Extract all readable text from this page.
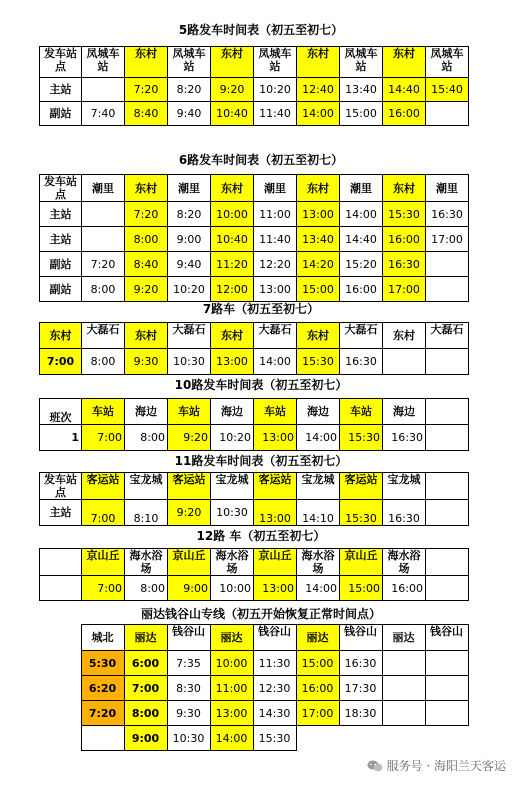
5路发车时间表（初五至初七）
发车站点	凤城车站	东村	凤城车站	东村	凤城车站	东村	凤城车站	东村	凤城车站
主站		7:20	8:20	9:20	10:20	12:40	13:40	14:40	15:40
副站	7:40	8:40	9:40	10:40	11:40	14:00	15:00	16:00	
6路发车时间表（初五至初七）
发车站点	潮里	东村	潮里	东村	潮里	东村	潮里	东村	潮里
主站		7:20	8:20	10:00	11:00	13:00	14:00	15:30	16:30
主站		8:00	9:00	10:40	11:40	13:40	14:40	16:00	17:00
副站	7:20	8:40	9:40	11:20	12:20	14:20	15:20	16:30	
副站	8:00	9:20	10:20	12:00	13:00	15:00	16:00	17:00	
7路车（初五至初七）
东村	大磊石	东村	大磊石	东村	大磊石	东村	大磊石	东村	大磊石
7:00	8:00	9:30	10:30	13:00	14:00	15:30	16:30		
10路发车时间表（初五至初七）
班次	车站	海边	车站	海边	车站	海边	车站	海边	
1	7:00	8:00	9:20	10:20	13:00	14:00	15:30	16:30	
11路发车时间表（初五至初七）
发车站点	客运站	宝龙城	客运站	宝龙城	客运站	宝龙城	客运站	宝龙城	
主站	7:00	8:10	9:20	10:30	13:00	14:10	15:30	16:30	
12路 车（初五至初七）
	京山丘	海水浴场	京山丘	海水浴场	京山丘	海水浴场	京山丘	海水浴场	
	7:00	8:00	9:00	10:00	13:00	14:00	15:00	16:00	
丽达钱谷山专线（初五开始恢复正常时间点）
	城北	丽达	钱谷山	丽达	钱谷山	丽达	钱谷山	丽达	钱谷山
	5:30	6:00	7:35	10:00	11:30	15:00	16:30		
	6:20	7:00	8:30	11:00	12:30	16:00	17:30		
	7:20	8:00	9:30	13:00	14:30	17:00	18:30		
		9:00	10:30	14:00	15:30				
服务号 · 海阳兰天客运
